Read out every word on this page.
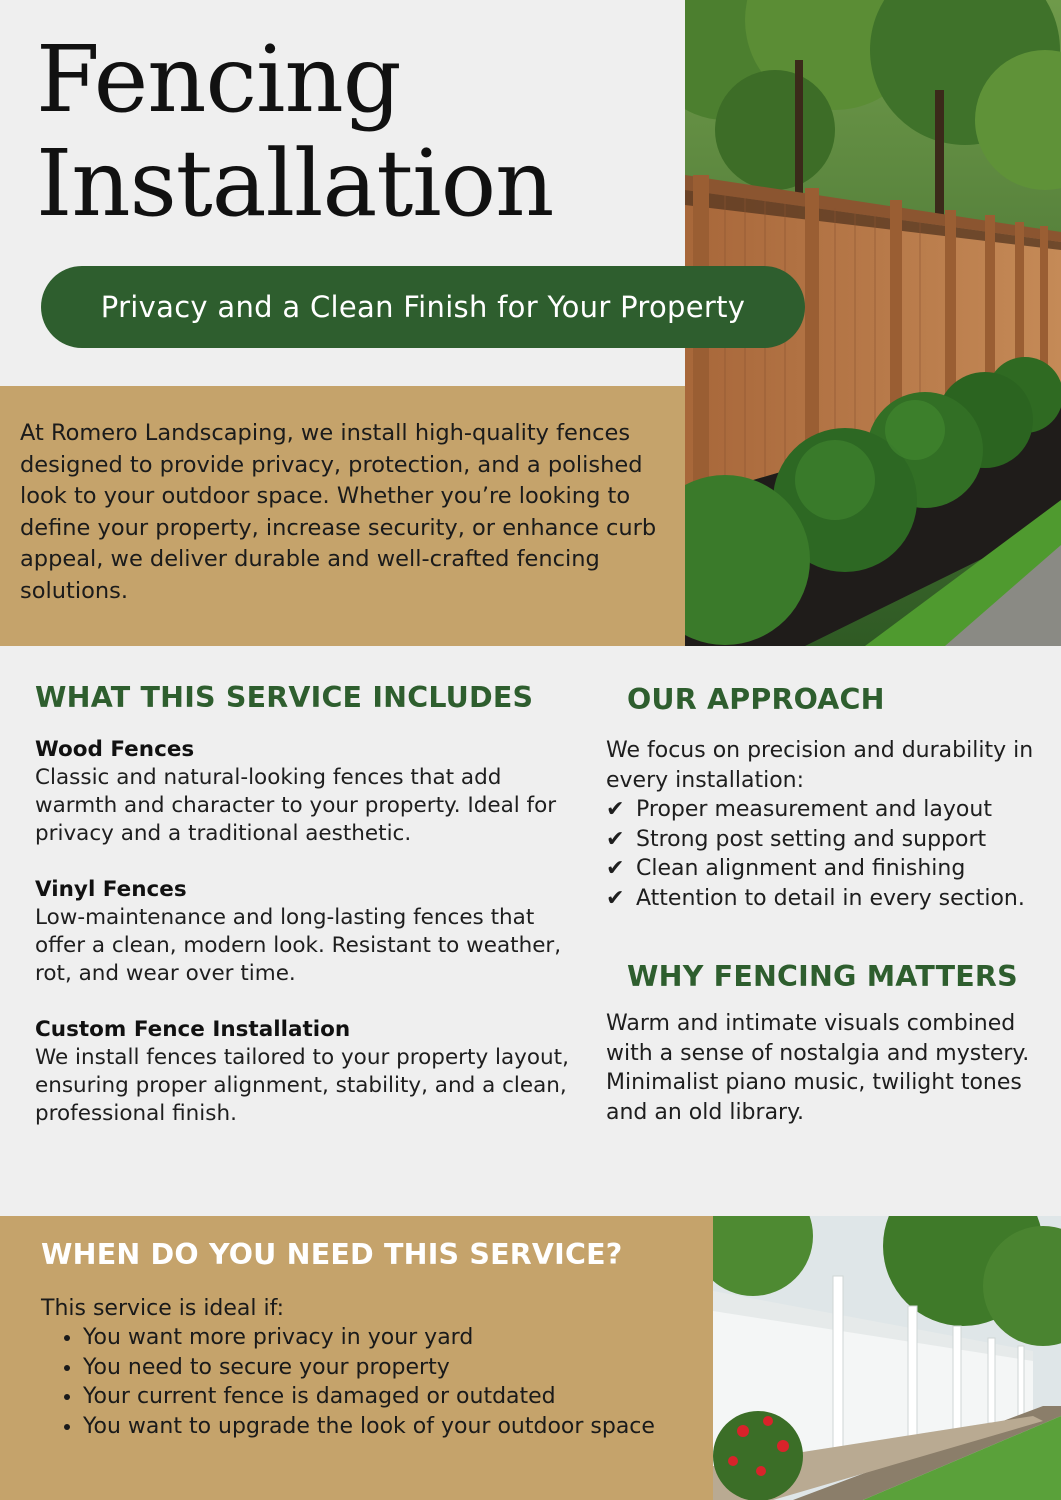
Fencing
Installation
Privacy and a Clean Finish for Your Property

At Romero Landscaping, we install high-quality fences designed to provide privacy, protection, and a polished look to your outdoor space. Whether you’re looking to define your property, increase security, or enhance curb appeal, we deliver durable and well-crafted fencing solutions.

WHAT THIS SERVICE INCLUDES
Wood Fences

Classic and natural-looking fences that add warmth and character to your property. Ideal for privacy and a traditional aesthetic.

Vinyl Fences

Low-maintenance and long-lasting fences that offer a clean, modern look. Resistant to weather, rot, and wear over time.

Custom Fence Installation

We install fences tailored to your property layout, ensuring proper alignment, stability, and a clean, professional finish.

OUR APPROACH

We focus on precision and durability in every installation:

✔ Proper measurement and layout
✔ Strong post setting and support
✔ Clean alignment and finishing
✔ Attention to detail in every section.
WHY FENCING MATTERS

Warm and intimate visuals combined with a sense of nostalgia and mystery. Minimalist piano music, twilight tones and an old library.

WHEN DO YOU NEED THIS SERVICE?

This service is ideal if:

• You want more privacy in your yard
• You need to secure your property
• Your current fence is damaged or outdated
• You want to upgrade the look of your outdoor space
